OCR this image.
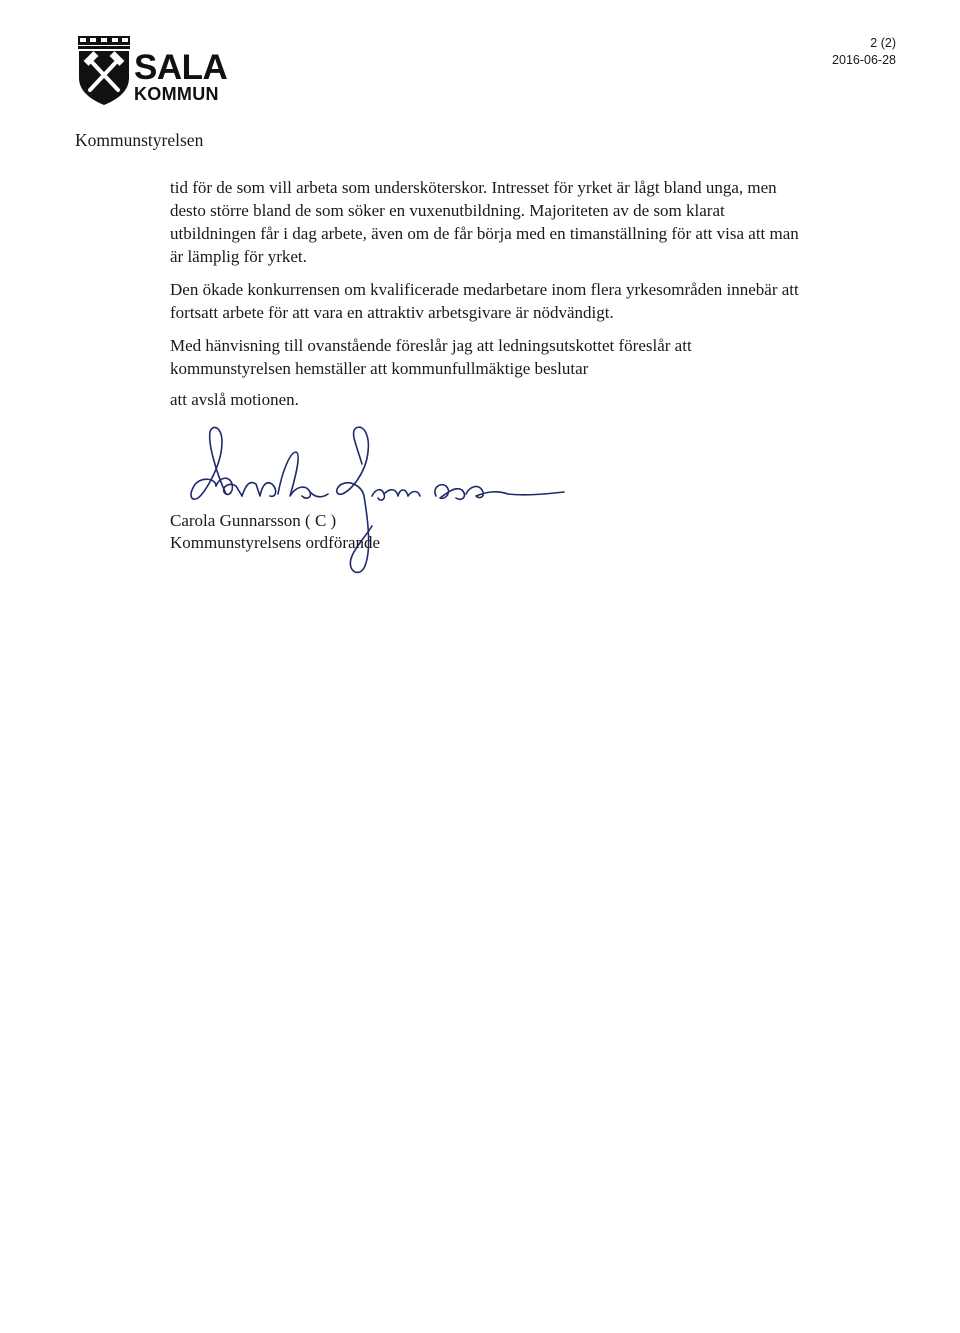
SALA
KOMMUN
2 (2)
2016-06-28
Kommunstyrelsen

tid för de som vill arbeta som undersköterskor. Intresset för yrket är lågt bland unga, men desto större bland de som söker en vuxenutbildning. Majoriteten av de som klarat utbildningen får i dag arbete, även om de får börja med en timanställning för att visa att man är lämplig för yrket.

Den ökade konkurrensen om kvalificerade medarbetare inom flera yrkesområden innebär att fortsatt arbete för att vara en attraktiv arbetsgivare är nödvändigt.

Med hänvisning till ovanstående föreslår jag att ledningsutskottet föreslår att kommunstyrelsen hemställer att kommunfullmäktige beslutar

att avslå motionen.

Carola Gunnarsson ( C )
Kommunstyrelsens ordförande
